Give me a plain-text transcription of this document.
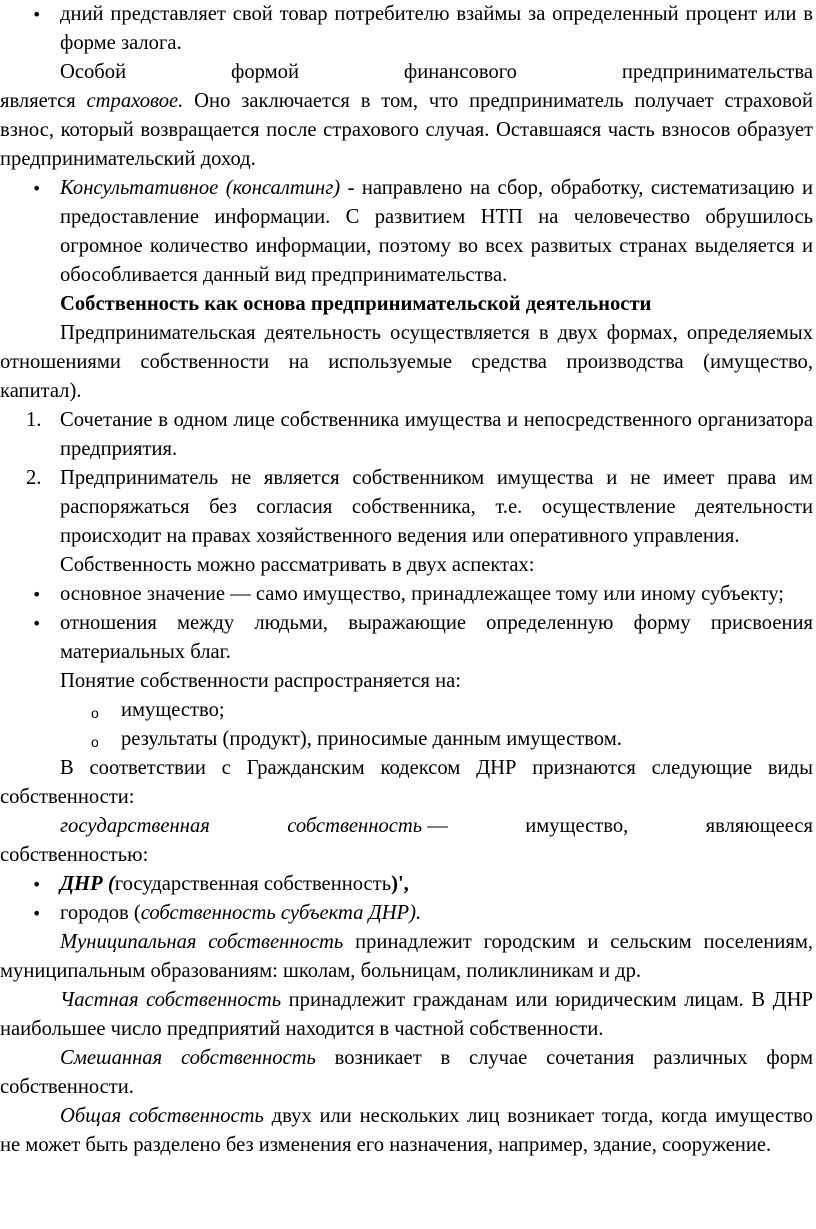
• дний представляет свой товар потребителю взаймы за определенный процент или в форме залога.
Особой	формой	финансового	предпринимательства

является страховое. Оно заключается в том, что предприниматель получает страховой взнос, который возвращается после страхового случая. Оставшаяся часть взносов образует предпринимательский доход.

• Консультативное (консалтинг) - направлено на сбор, обработку, систематизацию и предоставление информации. С развитием НТП на человечество обрушилось огромное количество информации, поэтому во всех развитых странах выделяется и обособливается данный вид предпринимательства.

Собственность как основа предпринимательской деятельности

Предпринимательская деятельность осуществляется в двух формах, определяемых отношениями собственности на используемые средства производства (имущество, капитал).

1. Сочетание в одном лице собственника имущества и непосредственного организатора предприятия.
2. Предприниматель не является собственником имущества и не имеет права им распоряжаться без согласия собственника, т.е. осуществление деятельности происходит на правах хозяйственного ведения или оперативного управления.

Собственность можно рассматривать в двух аспектах:

• основное значение — само имущество, принадлежащее тому или иному субъекту;
• отношения между людьми, выражающие определенную форму присвоения материальных благ.

Понятие собственности распространяется на:

o имущество;
o результаты (продукт), приносимые данным имуществом.

В соответствии с Гражданским кодексом ДНР признаются следующие виды собственности:

государственная	собственность —	имущество,	являющееся

собственностью:

• ДНР (государственная собственность)',
• городов (собственность субъекта ДНР).

Муниципальная собственность принадлежит городским и сельским поселениям, муниципальным образованиям: школам, больницам, поликлиникам и др.

Частная собственность принадлежит гражданам или юридическим лицам. В ДНР наибольшее число предприятий находится в частной собственности.

Смешанная собственность возникает в случае сочетания различных форм собственности.

Общая собственность двух или нескольких лиц возникает тогда, когда имущество не может быть разделено без изменения его назначения, например, здание, сооружение.
